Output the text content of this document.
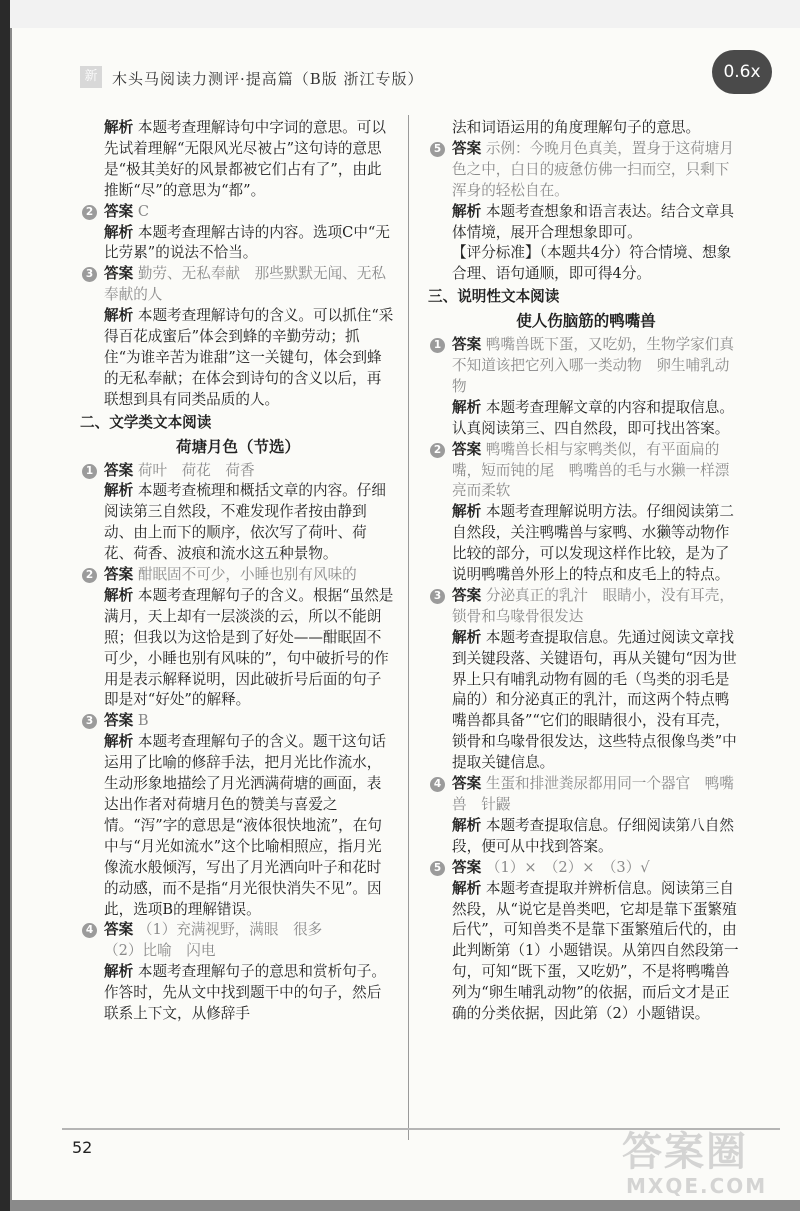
新 木头马阅读力测评·提高篇（B版 浙江专版）	0.6x

解析 本题考查理解诗句中字词的意思。可以先试着理解“无限风光尽被占”这句诗的意思是“极其美好的风景都被它们占有了”，由此推断“尽”的意思为“都”。

2 答案 C
解析 本题考查理解古诗的内容。选项C中“无比劳累”的说法不恰当。
3 答案 勤劳、无私奉献　那些默默无闻、无私奉献的人
解析 本题考查理解诗句的含义。可以抓住“采得百花成蜜后”体会到蜂的辛勤劳动；抓住“为谁辛苦为谁甜”这一关键句，体会到蜂的无私奉献；在体会到诗句的含义以后，再联想到具有同类品质的人。
二、文学类文本阅读
荷塘月色（节选）
1 答案 荷叶　荷花　荷香
解析 本题考查梳理和概括文章的内容。仔细阅读第三自然段，不难发现作者按由静到动、由上而下的顺序，依次写了荷叶、荷花、荷香、波痕和流水这五种景物。
2 答案 酣眠固不可少，小睡也别有风味的
解析 本题考查理解句子的含义。根据“虽然是满月，天上却有一层淡淡的云，所以不能朗照；但我以为这恰是到了好处——酣眠固不可少，小睡也别有风味的”，句中破折号的作用是表示解释说明，因此破折号后面的句子即是对“好处”的解释。
3 答案 B
解析 本题考查理解句子的含义。题干这句话运用了比喻的修辞手法，把月光比作流水，生动形象地描绘了月光洒满荷塘的画面，表达出作者对荷塘月色的赞美与喜爱之情。“泻”字的意思是“液体很快地流”，在句中与“月光如流水”这个比喻相照应，指月光像流水般倾泻，写出了月光洒向叶子和花时的动感，而不是指“月光很快消失不见”。因此，选项B的理解错误。
4 答案 （1）充满视野，满眼　很多
（2）比喻　闪电
解析 本题考查理解句子的意思和赏析句子。作答时，先从文中找到题干中的句子，然后联系上下文，从修辞手

法和词语运用的角度理解句子的意思。

5 答案 示例：今晚月色真美，置身于这荷塘月色之中，白日的疲惫仿佛一扫而空，只剩下浑身的轻松自在。
解析 本题考查想象和语言表达。结合文章具体情境，展开合理想象即可。
【评分标准】（本题共4分）符合情境、想象合理、语句通顺，即可得4分。
三、说明性文本阅读
使人伤脑筋的鸭嘴兽
1 答案 鸭嘴兽既下蛋，又吃奶，生物学家们真不知道该把它列入哪一类动物　卵生哺乳动物
解析 本题考查理解文章的内容和提取信息。认真阅读第三、四自然段，即可找出答案。
2 答案 鸭嘴兽长相与家鸭类似，有平面扁的嘴，短而钝的尾　鸭嘴兽的毛与水獭一样漂亮而柔软
解析 本题考查理解说明方法。仔细阅读第二自然段，关注鸭嘴兽与家鸭、水獭等动物作比较的部分，可以发现这样作比较，是为了说明鸭嘴兽外形上的特点和皮毛上的特点。
3 答案 分泌真正的乳汁　眼睛小，没有耳壳，锁骨和乌喙骨很发达
解析 本题考查提取信息。先通过阅读文章找到关键段落、关键语句，再从关键句“因为世界上只有哺乳动物有圆的毛（鸟类的羽毛是扁的）和分泌真正的乳汁，而这两个特点鸭嘴兽都具备”“它们的眼睛很小，没有耳壳，锁骨和乌喙骨很发达，这些特点很像鸟类”中提取关键信息。
4 答案 生蛋和排泄粪尿都用同一个器官　鸭嘴兽　针鼹
解析 本题考查提取信息。仔细阅读第八自然段，便可从中找到答案。
5 答案 （1）×　（2）×　（3）√
解析 本题考查提取并辨析信息。阅读第三自然段，从“说它是兽类吧，它却是靠下蛋繁殖后代”，可知兽类不是靠下蛋繁殖后代的，由此判断第（1）小题错误。从第四自然段第一句，可知“既下蛋，又吃奶”，不是将鸭嘴兽列为“卵生哺乳动物”的依据，而后文才是正确的分类依据，因此第（2）小题错误。
52	答案圈
MXQE.COM
